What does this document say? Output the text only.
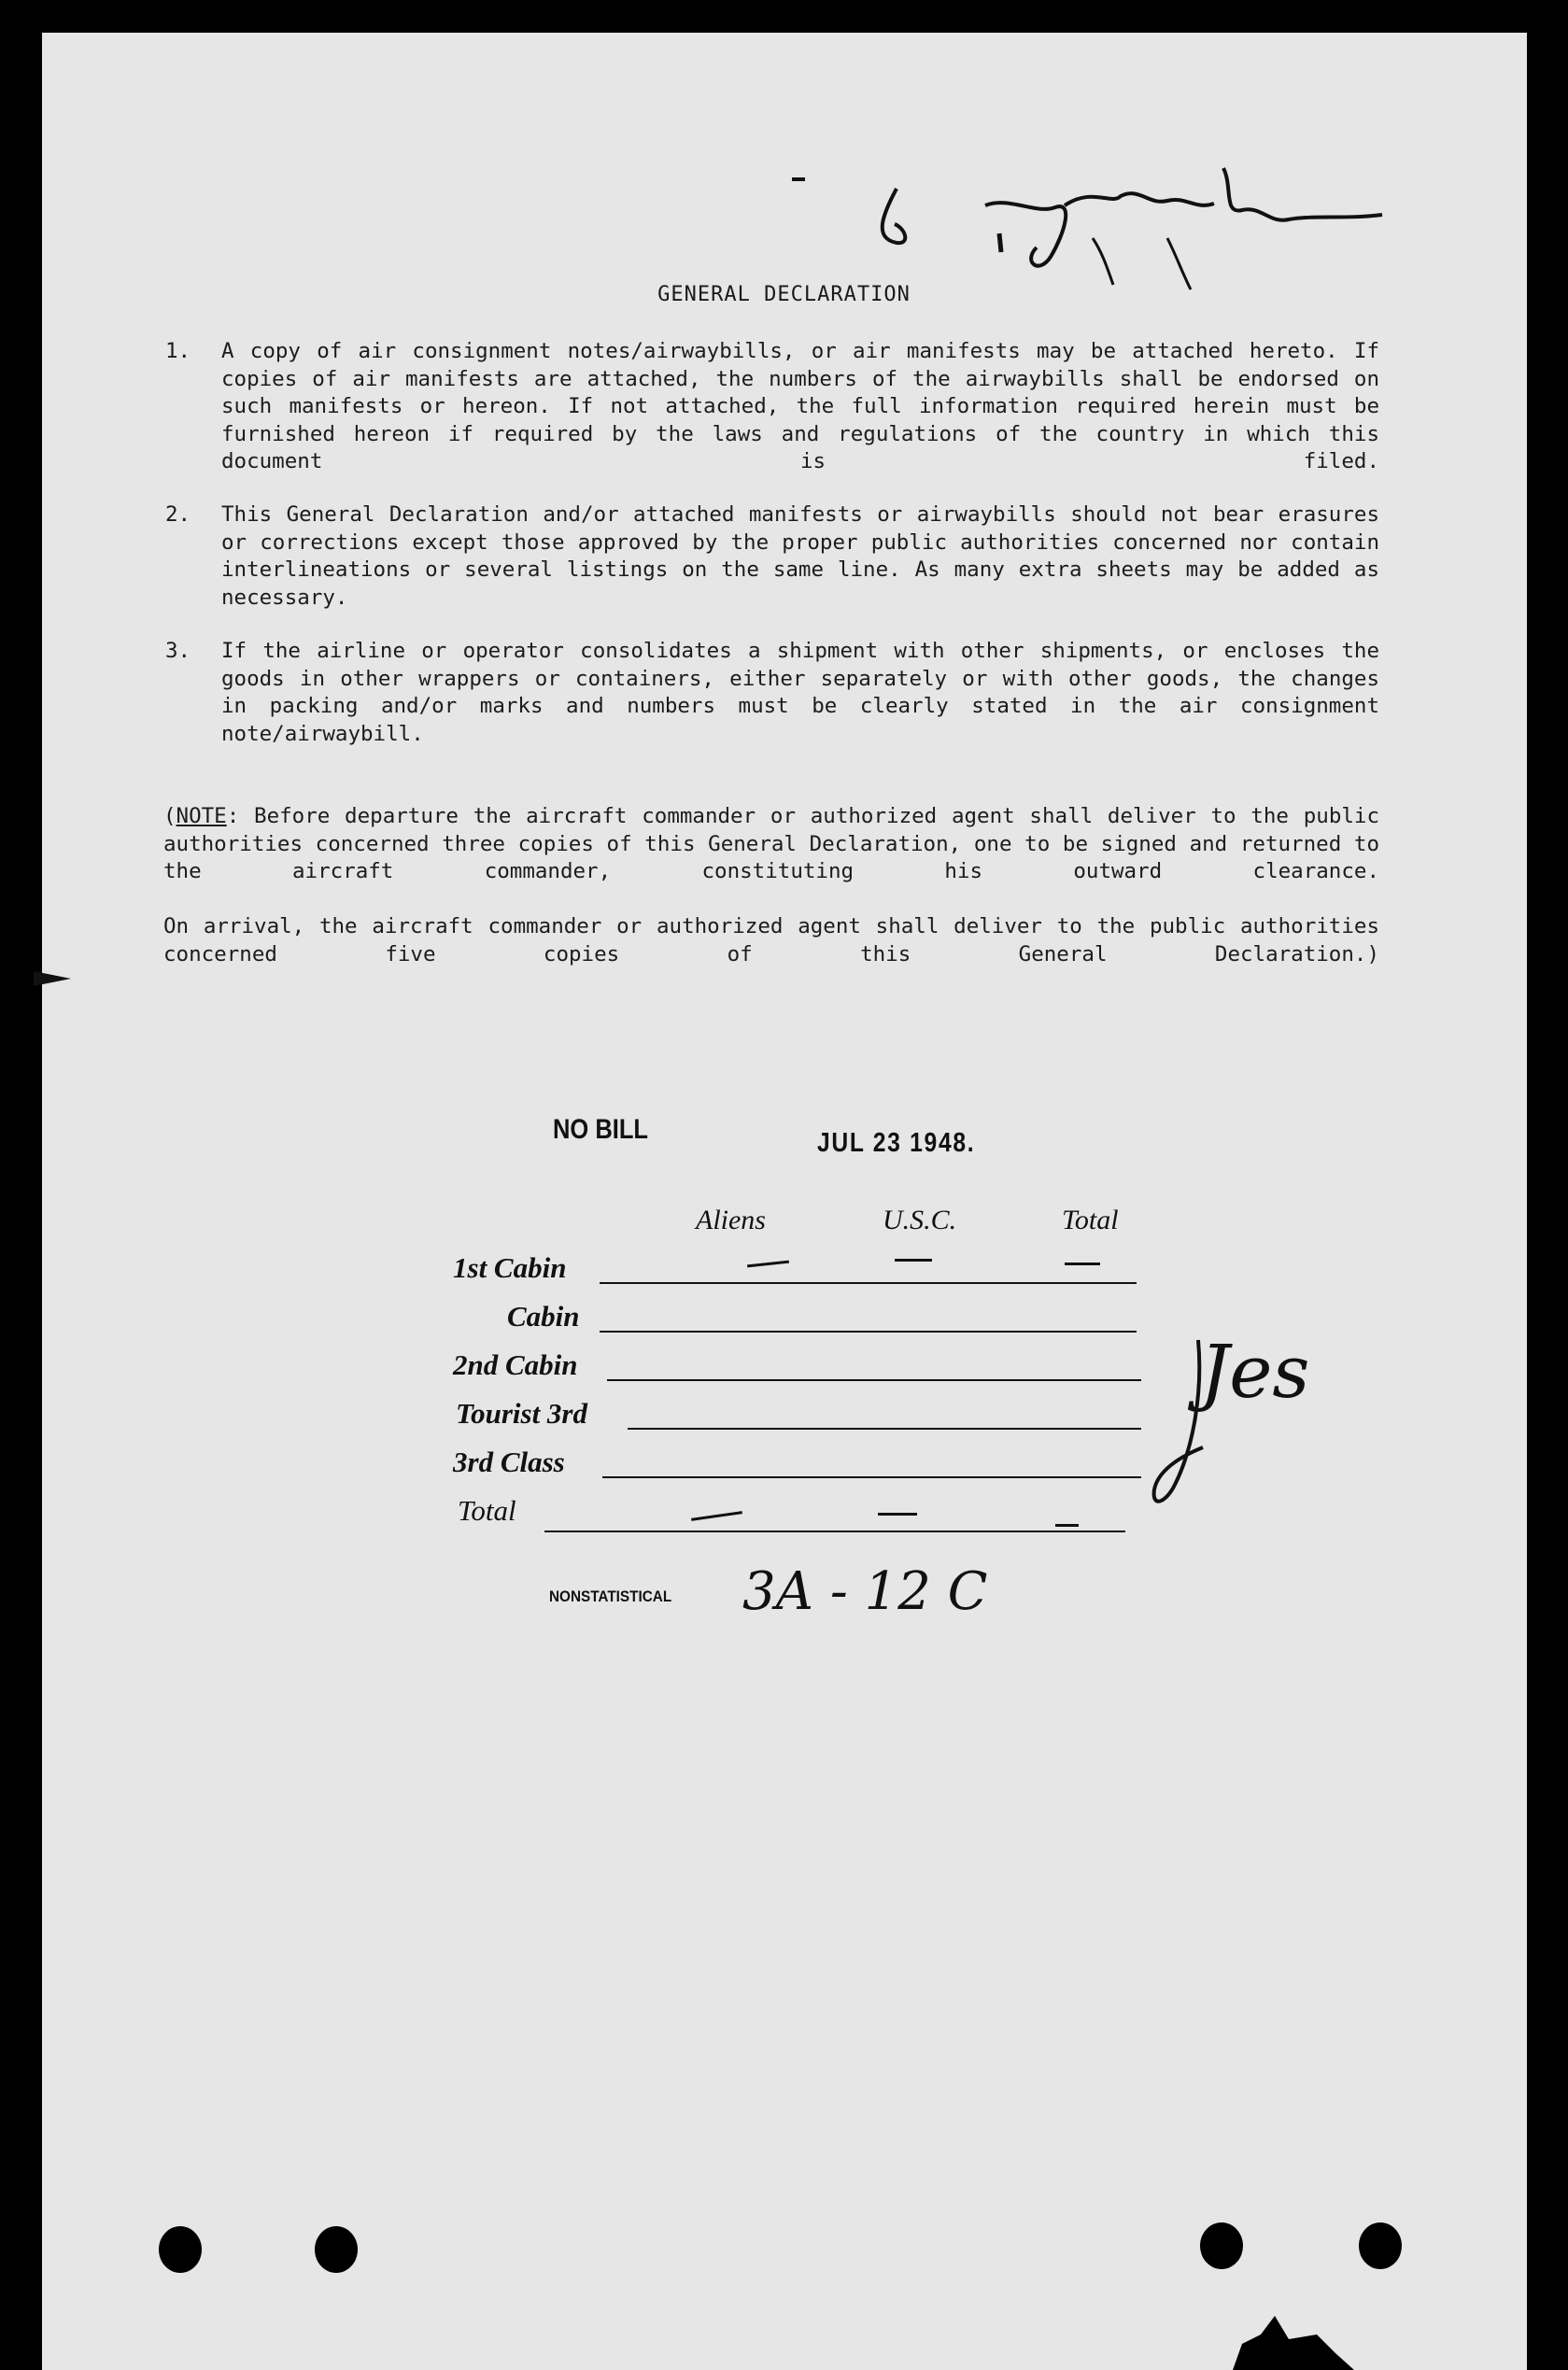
GENERAL DECLARATION
1. A copy of air consignment notes/airwaybills, or air manifests may be attached hereto. If copies of air manifests are attached, the numbers of the airwaybills shall be endorsed on such manifests or hereon. If not attached, the full information required herein must be furnished hereon if required by the laws and regulations of the country in which this document is filed.
2. This General Declaration and/or attached manifests or airwaybills should not bear erasures or corrections except those approved by the proper public authorities concerned nor contain interlineations or several listings on the same line. As many extra sheets may be added as necessary.
3. If the airline or operator consolidates a shipment with other shipments, or encloses the goods in other wrappers or containers, either separately or with other goods, the changes in packing and/or marks and numbers must be clearly stated in the air consignment note/airwaybill.
(NOTE: Before departure the aircraft commander or authorized agent shall deliver to the public authorities concerned three copies of this General Declaration, one to be signed and returned to the aircraft commander, constituting his outward clearance.
On arrival, the aircraft commander or authorized agent shall deliver to the public authorities concerned five copies of this General Declaration.)
NO BILL	JUL 23 1948.
Aliens	U.S.C.	Total
1st Cabin
Cabin
2nd Cabin
Tourist 3rd
3rd Class
Total
Jes
NONSTATISTICAL 3A - 12 C
